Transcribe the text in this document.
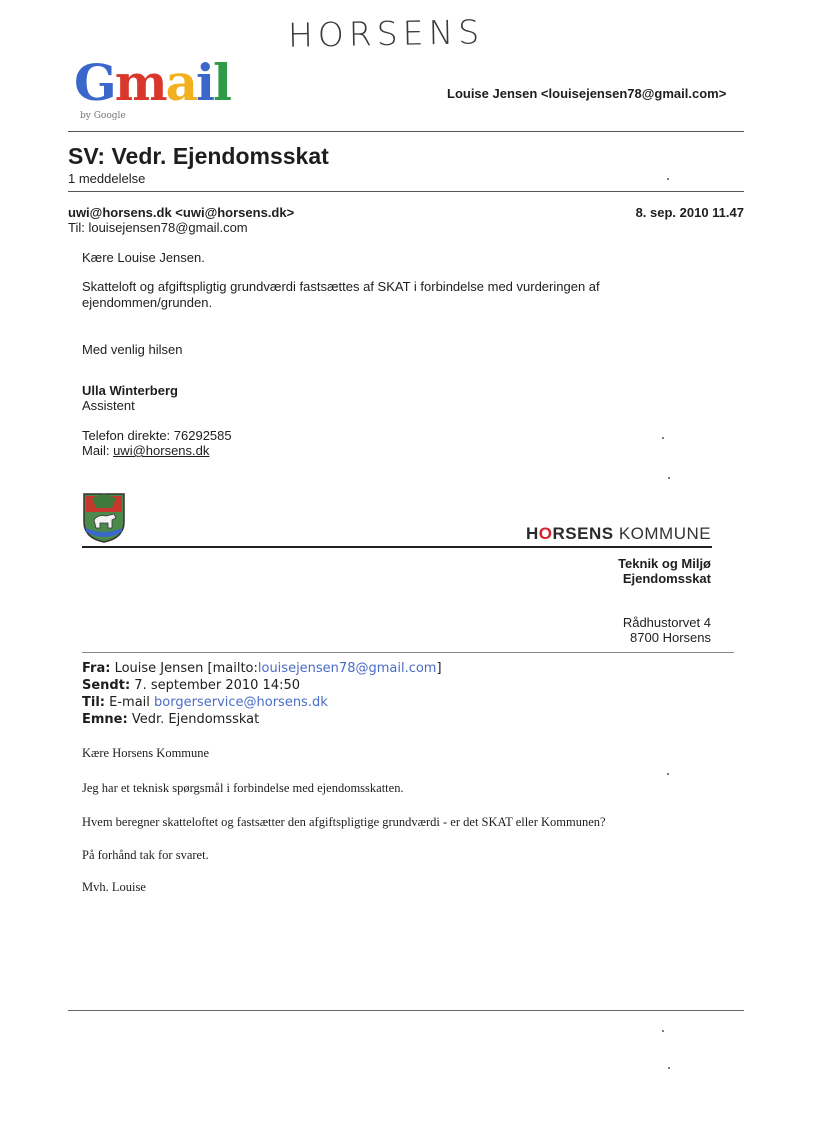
HORSENS
Gmail
by Google
Louise Jensen <louisejensen78@gmail.com>
SV: Vedr. Ejendomsskat
1 meddelelse
uwi@horsens.dk <uwi@horsens.dk>
Til: louisejensen78@gmail.com
8. sep. 2010 11.47
Kære Louise Jensen.
Skatteloft og afgiftspligtig grundværdi fastsættes af SKAT i forbindelse med vurderingen af
ejendommen/grunden.
Med venlig hilsen
Ulla Winterberg
Assistent
Telefon direkte: 76292585
Mail: uwi@horsens.dk
HORSENS KOMMUNE
Teknik og Miljø
Ejendomsskat
Rådhustorvet 4
8700 Horsens
Fra: Louise Jensen [mailto:louisejensen78@gmail.com]
Sendt: 7. september 2010 14:50
Til: E-mail borgerservice@horsens.dk
Emne: Vedr. Ejendomsskat
Kære Horsens Kommune
Jeg har et teknisk spørgsmål i forbindelse med ejendomsskatten.
Hvem beregner skatteloftet og fastsætter den afgiftspligtige grundværdi - er det SKAT eller Kommunen?
På forhånd tak for svaret.
Mvh. Louise
